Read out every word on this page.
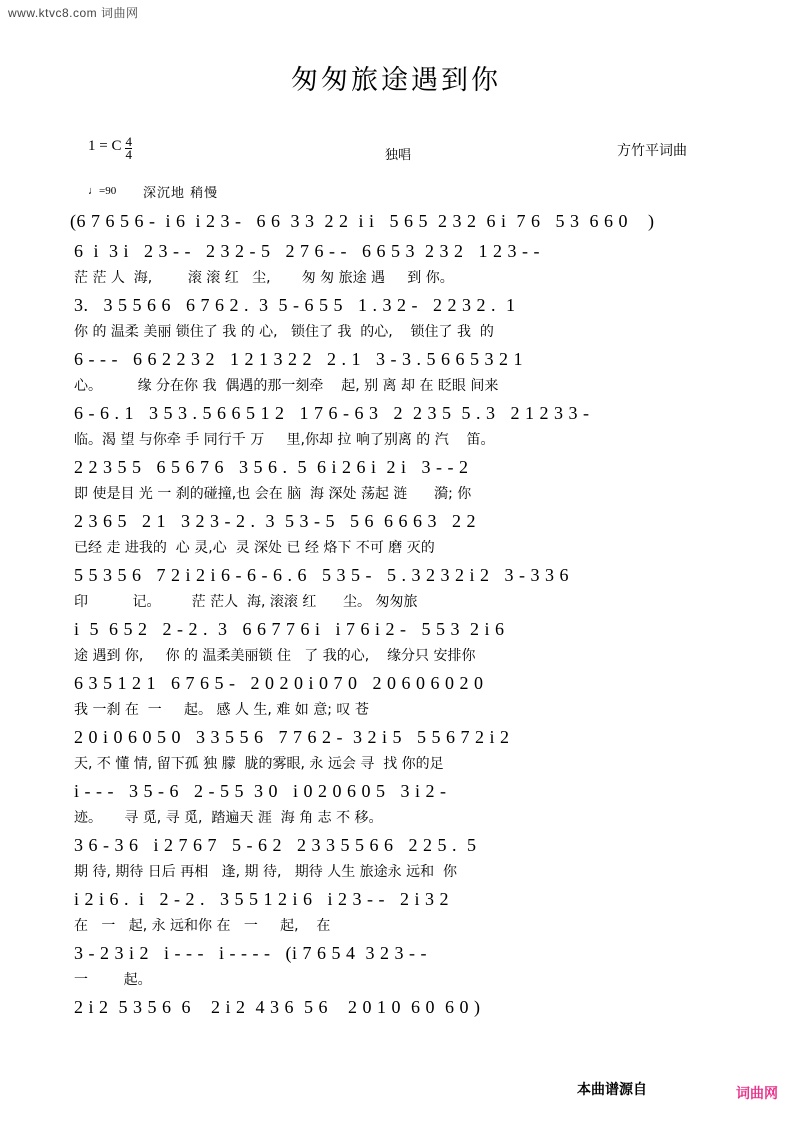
www.ktvc8.com 词曲网
匆匆旅途遇到你
1 = C $\frac{4}{4}$	独唱	方竹平词曲
♩=90 深沉地 稍慢
(6 7 6 5 6 -  i 6  i 2 3 -   6 6  3 3  2 2  i i   5 6 5  2 3 2  6 i  7 6   5 3  6 6 0    )
6  i  3 i   2 3 - -   2 3 2 - 5   2 7 6 - -   6 6 5 3  2 3 2   1 2 3 - -
茫 茫 人  海,        滚 滚 红   尘,       匆 匆 旅途 遇     到 你。
3.   3 5 5 6 6   6 7 6 2 .  3  5 - 6 5 5   1 . 3 2 -   2 2 3 2 .  1
你 的 温柔 美丽 锁住了 我 的 心,   锁住了 我  的心,    锁住了 我  的
6 - - -   6 6 2 2 3 2   1 2 1 3 2 2   2 . 1   3 - 3 . 5 6 6 5 3 2 1
心。        缘 分在你 我  偶遇的那一刻牵    起, 别 离 却 在 眨眼 间来
6 - 6 . 1   3 5 3 . 5 6 6 5 1 2   1 7 6 - 6 3   2  2 3 5  5 . 3   2 1 2 3 3 -
临。渴 望 与你牵 手 同行千 万     里,你却 拉 响了别离 的 汽    笛。
2 2 3 5 5   6 5 6 7 6   3 5 6 .  5  6 i 2 6 i  2 i   3 - - 2
即 使是目 光 一 刹的碰撞,也 会在 脑  海 深处 荡起 涟      漪; 你
2 3 6 5   2 1   3 2 3 - 2 .  3  5 3 - 5   5 6  6 6 6 3   2 2
已经 走 进我的  心 灵,心  灵 深处 已 经 烙下 不可 磨 灭的
5 5 3 5 6   7 2 i 2 i 6 - 6 - 6 . 6   5 3 5 -   5 . 3 2 3 2 i 2   3 - 3 3 6
印          记。       茫 茫人  海, 滚滚 红      尘。 匆匆旅
i  5  6 5 2   2 - 2 .  3   6 6 7 7 6 i   i 7 6 i 2 -   5 5 3  2 i 6
途 遇到 你,     你 的 温柔美丽锁 住   了 我的心,    缘分只 安排你
6 3 5 1 2 1   6 7 6 5 -   2 0 2 0 i 0 7 0   2 0 6 0 6 0 2 0
我 一刹 在  一     起。 感 人 生, 难 如 意; 叹 苍
2 0 i 0 6 0 5 0   3 3 5 5 6   7 7 6 2 -  3 2 i 5   5 5 6 7 2 i 2
天, 不 懂 情, 留下孤 独 朦  胧的雾眼, 永 远会 寻  找 你的足
i - - -   3 5 - 6   2 - 5 5  3 0   i 0 2 0 6 0 5   3 i 2 -
迹。     寻 觅, 寻 觅,  踏遍天 涯  海 角 志 不 移。
3 6 - 3 6   i 2 7 6 7   5 - 6 2   2 3 3 5 5 6 6   2 2 5 .  5
期 待, 期待 日后 再相   逢, 期 待,   期待 人生 旅途永 远和  你
i 2 i 6 .  i   2 - 2 .   3 5 5 1 2 i 6   i 2 3 - -   2 i 3 2
在   一   起, 永 远和你 在   一     起,    在
3 - 2 3 i 2   i - - -   i - - - -   (i 7 6 5 4  3 2 3 - -
一        起。
2 i 2  5 3 5 6  6    2 i 2  4 3 6  5 6    2 0 1 0  6 0  6 0 )
本曲谱源自	词曲网
